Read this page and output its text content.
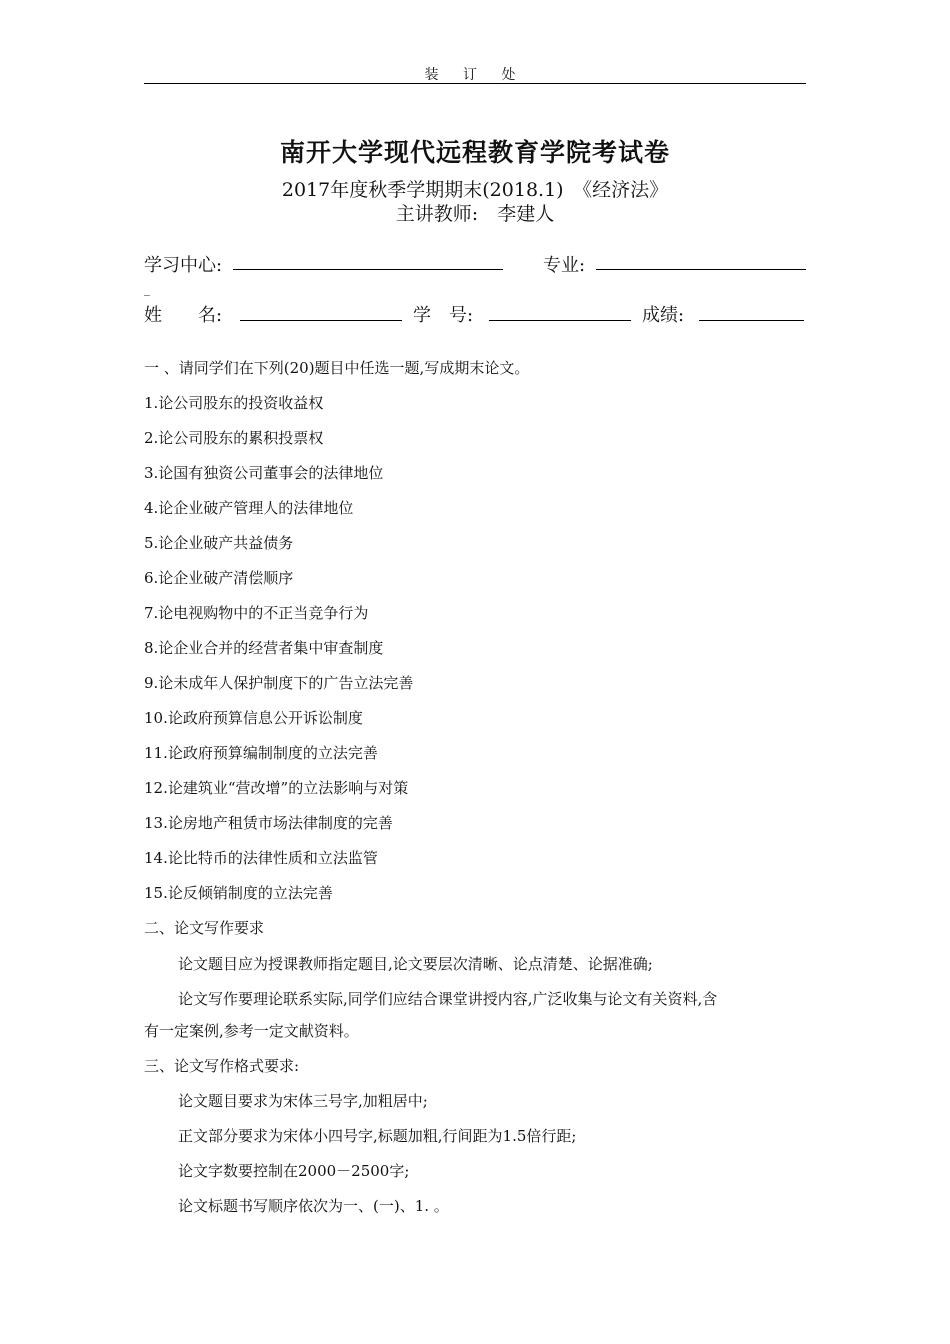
装 订 处
南开大学现代远程教育学院考试卷
2017年度秋季学期期末(2018.1)　《经济法》
主讲教师:　李建人
学习中心:	专业:
_
姓　　名:	学　号:	成绩:
一 、请同学们在下列(20)题目中任选一题,写成期末论文。
1.论公司股东的投资收益权
2.论公司股东的累积投票权
3.论国有独资公司董事会的法律地位
4.论企业破产管理人的法律地位
5.论企业破产共益债务
6.论企业破产清偿顺序
7.论电视购物中的不正当竞争行为
8.论企业合并的经营者集中审查制度
9.论未成年人保护制度下的广告立法完善
10.论政府预算信息公开诉讼制度
11.论政府预算编制制度的立法完善
12.论建筑业“营改增”的立法影响与对策
13.论房地产租赁市场法律制度的完善
14.论比特币的法律性质和立法监管
15.论反倾销制度的立法完善
二、论文写作要求
论文题目应为授课教师指定题目,论文要层次清晰、论点清楚、论据准确;
论文写作要理论联系实际,同学们应结合课堂讲授内容,广泛收集与论文有关资料,含
有一定案例,参考一定文献资料。
三、论文写作格式要求:
论文题目要求为宋体三号字,加粗居中;
正文部分要求为宋体小四号字,标题加粗,行间距为1.5倍行距;
论文字数要控制在2000－2500字;
论文标题书写顺序依次为一、(一)、1. 。
